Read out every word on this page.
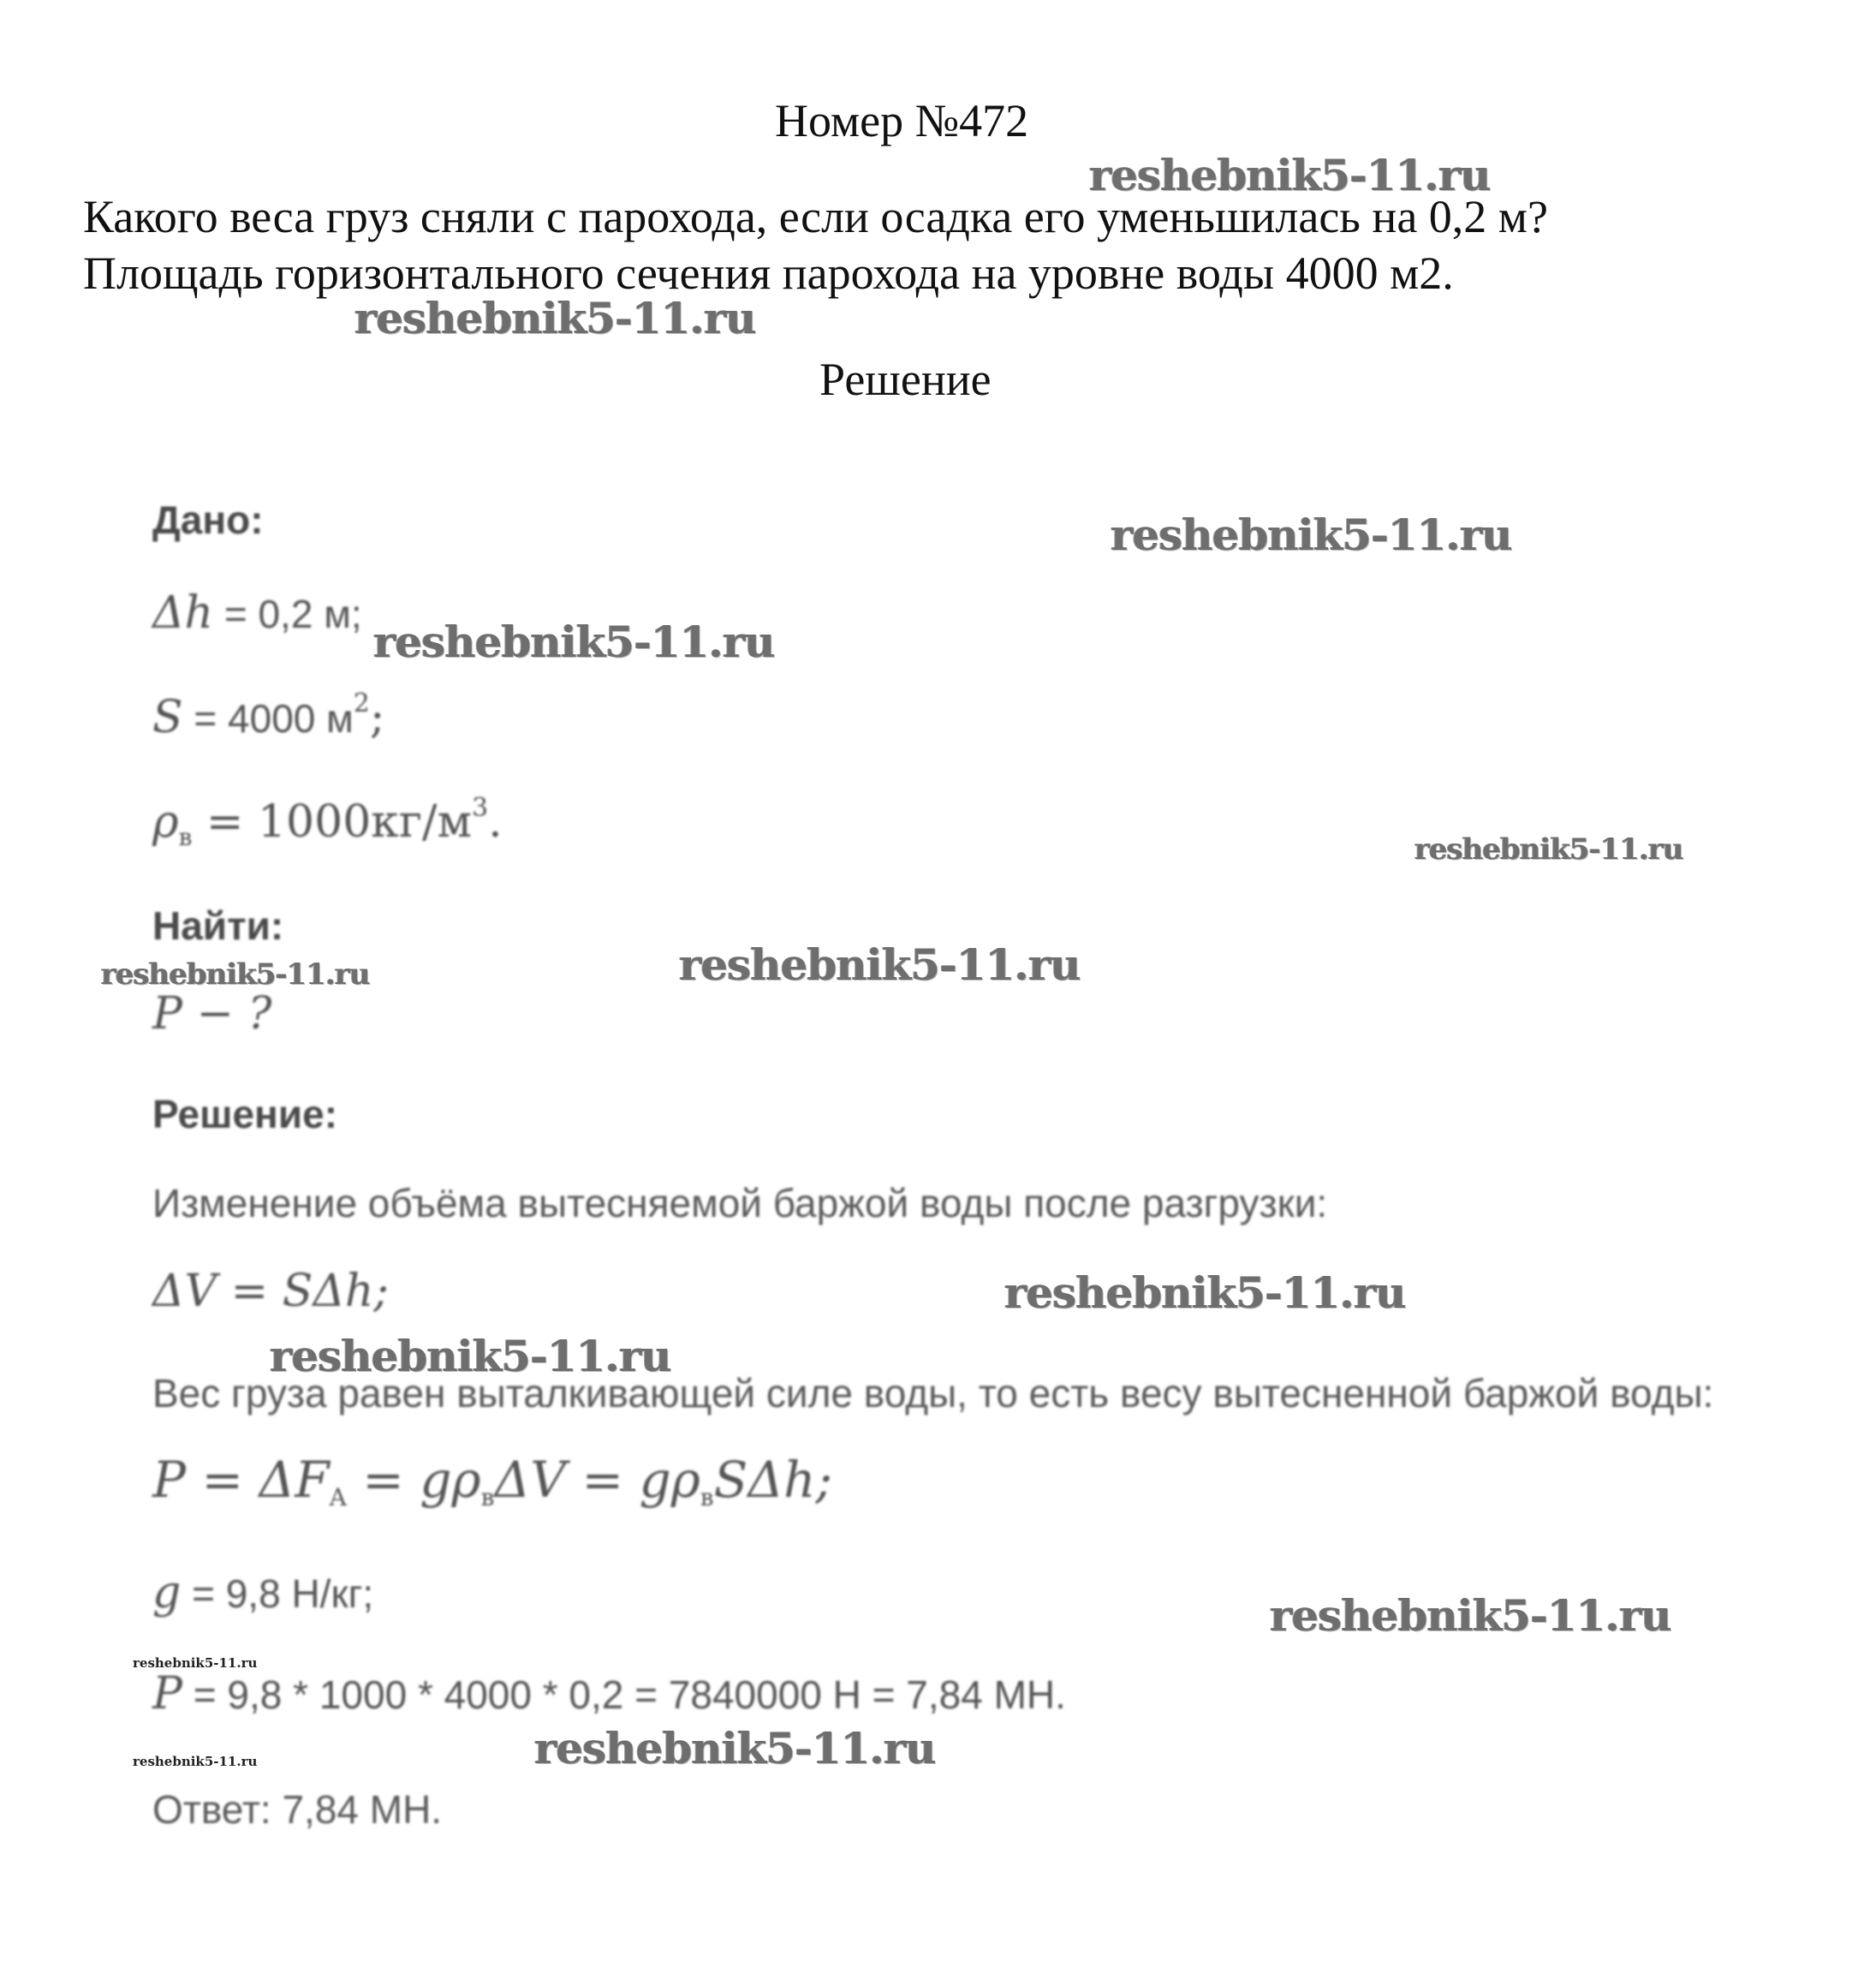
Номер №472
Какого веса груз сняли с парохода, если осадка его уменьшилась на 0,2 м?
Площадь горизонтального сечения парохода на уровне воды 4000 м2.
Решение
Дано:
Δh = 0,2 м;
S = 4000 $м^2$;
$\rho_в = 1000кг/м^3$.
Найти:
P − ?
Решение:
Изменение объёма вытесняемой баржой воды после разгрузки:
ΔV = SΔh;
Вес груза равен выталкивающей силе воды, то есть весу вытесненной баржой воды:
$P = \Delta F_A = g\rho_в\Delta V = g\rho_вS\Delta h$;
g = 9,8 Н/кг;
P = 9,8 * 1000 * 4000 * 0,2 = 7840000 Н = 7,84 МН.
Ответ: 7,84 МН.
reshebnik5-11.ru
reshebnik5-11.ru
reshebnik5-11.ru
reshebnik5-11.ru
reshebnik5-11.ru
reshebnik5-11.ru	reshebnik5-11.ru
reshebnik5-11.ru
reshebnik5-11.ru
reshebnik5-11.ru
reshebnik5-11.ru
reshebnik5-11.ru
reshebnik5-11.ru
